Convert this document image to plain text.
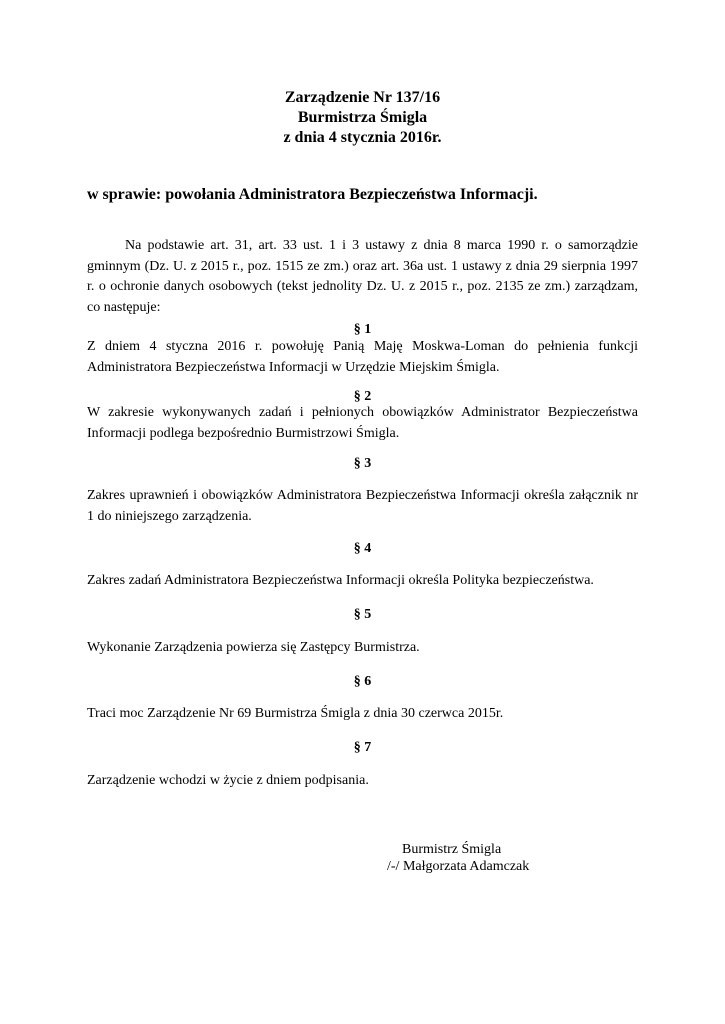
Zarządzenie Nr 137/16
Burmistrza Śmigla
z dnia 4 stycznia 2016r.
w sprawie: powołania Administratora Bezpieczeństwa Informacji.
Na podstawie art. 31, art. 33 ust. 1 i 3 ustawy z dnia 8 marca 1990 r. o samorządzie gminnym (Dz. U. z 2015 r., poz. 1515 ze zm.) oraz art. 36a ust. 1 ustawy z dnia 29 sierpnia 1997 r. o ochronie danych osobowych (tekst jednolity Dz. U. z 2015 r., poz. 2135 ze zm.) zarządzam, co następuje:
§ 1
Z dniem 4 styczna 2016 r. powołuję Panią Maję Moskwa-Loman do pełnienia funkcji Administratora Bezpieczeństwa Informacji w Urzędzie Miejskim Śmigla.
§ 2
W zakresie wykonywanych zadań i pełnionych obowiązków Administrator Bezpieczeństwa Informacji podlega bezpośrednio Burmistrzowi Śmigla.
§ 3
Zakres uprawnień i obowiązków Administratora Bezpieczeństwa Informacji określa załącznik nr 1 do niniejszego zarządzenia.
§ 4
Zakres zadań Administratora Bezpieczeństwa Informacji określa Polityka bezpieczeństwa.
§ 5
Wykonanie Zarządzenia powierza się Zastępcy Burmistrza.
§ 6
Traci moc Zarządzenie Nr 69 Burmistrza Śmigla z dnia 30 czerwca 2015r.
§ 7
Zarządzenie wchodzi w życie z dniem podpisania.
Burmistrz Śmigla
/-/ Małgorzata Adamczak
